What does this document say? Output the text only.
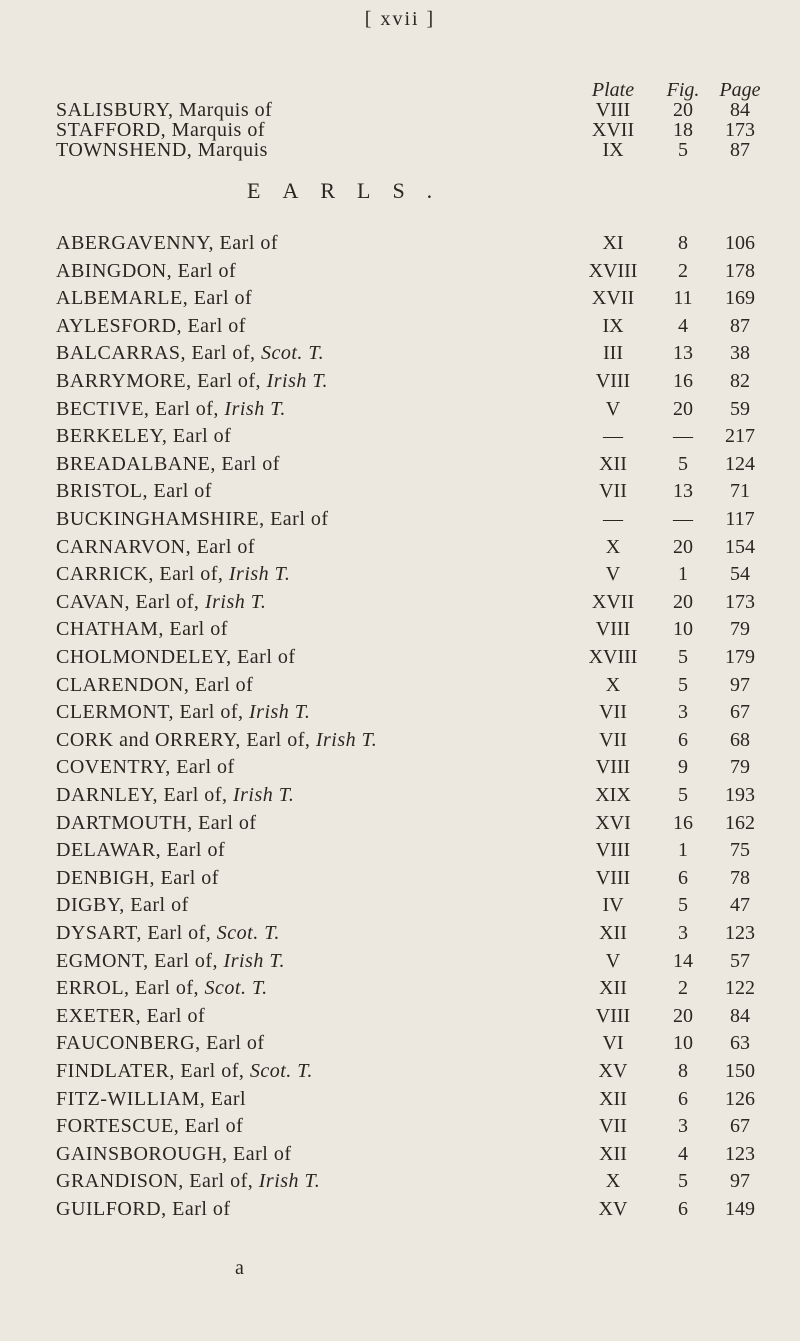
[ xvii ]
Plate	Fig.	Page
SALISBURY, Marquis of	VIII	20	84
STAFFORD, Marquis of	XVII	18	173
TOWNSHEND, Marquis	IX	5	87
EARLS.
ABERGAVENNY, Earl of	XI	8	106
ABINGDON, Earl of	XVIII	2	178
ALBEMARLE, Earl of	XVII	11	169
AYLESFORD, Earl of	IX	4	87
BALCARRAS, Earl of, Scot. T.	III	13	38
BARRYMORE, Earl of, Irish T.	VIII	16	82
BECTIVE, Earl of, Irish T.	V	20	59
BERKELEY, Earl of	—	—	217
BREADALBANE, Earl of	XII	5	124
BRISTOL, Earl of	VII	13	71
BUCKINGHAMSHIRE, Earl of	—	—	117
CARNARVON, Earl of	X	20	154
CARRICK, Earl of, Irish T.	V	1	54
CAVAN, Earl of, Irish T.	XVII	20	173
CHATHAM, Earl of	VIII	10	79
CHOLMONDELEY, Earl of	XVIII	5	179
CLARENDON, Earl of	X	5	97
CLERMONT, Earl of, Irish T.	VII	3	67
CORK and ORRERY, Earl of, Irish T.	VII	6	68
COVENTRY, Earl of	VIII	9	79
DARNLEY, Earl of, Irish T.	XIX	5	193
DARTMOUTH, Earl of	XVI	16	162
DELAWAR, Earl of	VIII	1	75
DENBIGH, Earl of	VIII	6	78
DIGBY, Earl of	IV	5	47
DYSART, Earl of, Scot. T.	XII	3	123
EGMONT, Earl of, Irish T.	V	14	57
ERROL, Earl of, Scot. T.	XII	2	122
EXETER, Earl of	VIII	20	84
FAUCONBERG, Earl of	VI	10	63
FINDLATER, Earl of, Scot. T.	XV	8	150
FITZ-WILLIAM, Earl	XII	6	126
FORTESCUE, Earl of	VII	3	67
GAINSBOROUGH, Earl of	XII	4	123
GRANDISON, Earl of, Irish T.	X	5	97
GUILFORD, Earl of	XV	6	149
a
